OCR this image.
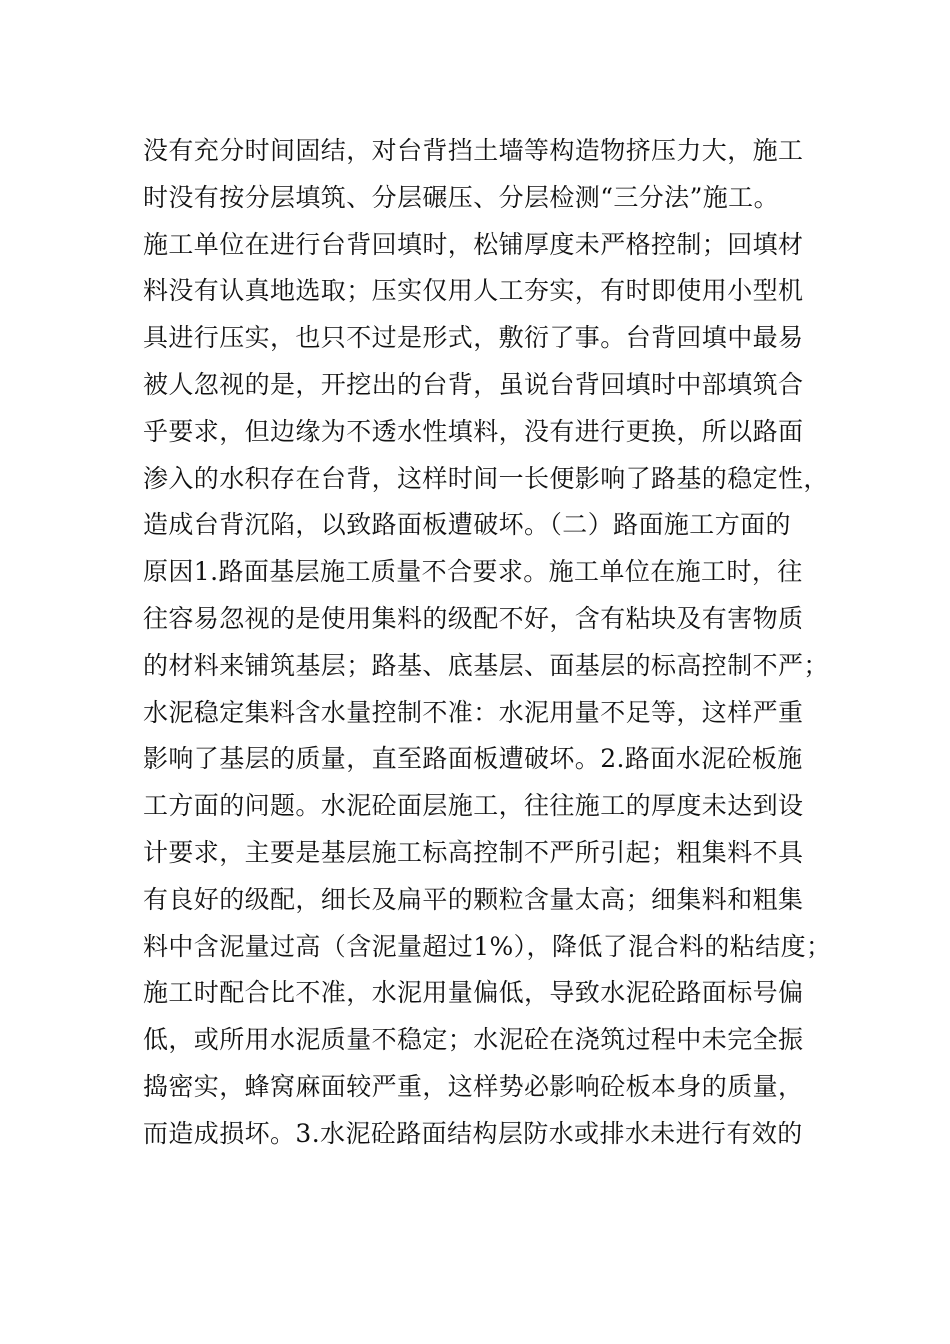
没有充分时间固结，对台背挡土墙等构造物挤压力大，施工
时没有按分层填筑、分层碾压、分层检测“三分法”施工。
施工单位在进行台背回填时，松铺厚度未严格控制；回填材
料没有认真地选取；压实仅用人工夯实，有时即使用小型机
具进行压实，也只不过是形式，敷衍了事。台背回填中最易
被人忽视的是，开挖出的台背，虽说台背回填时中部填筑合
乎要求，但边缘为不透水性填料，没有进行更换，所以路面
渗入的水积存在台背，这样时间一长便影响了路基的稳定性，
造成台背沉陷，以致路面板遭破坏。（二）路面施工方面的
原因1.路面基层施工质量不合要求。施工单位在施工时，往
往容易忽视的是使用集料的级配不好，含有粘块及有害物质
的材料来铺筑基层；路基、底基层、面基层的标高控制不严；
水泥稳定集料含水量控制不准：水泥用量不足等，这样严重
影响了基层的质量，直至路面板遭破坏。2.路面水泥砼板施
工方面的问题。水泥砼面层施工，往往施工的厚度未达到设
计要求，主要是基层施工标高控制不严所引起；粗集料不具
有良好的级配，细长及扁平的颗粒含量太高；细集料和粗集
料中含泥量过高（含泥量超过1%），降低了混合料的粘结度；
施工时配合比不准，水泥用量偏低，导致水泥砼路面标号偏
低，或所用水泥质量不稳定；水泥砼在浇筑过程中未完全振
捣密实，蜂窝麻面较严重，这样势必影响砼板本身的质量，
而造成损坏。3.水泥砼路面结构层防水或排水未进行有效的
